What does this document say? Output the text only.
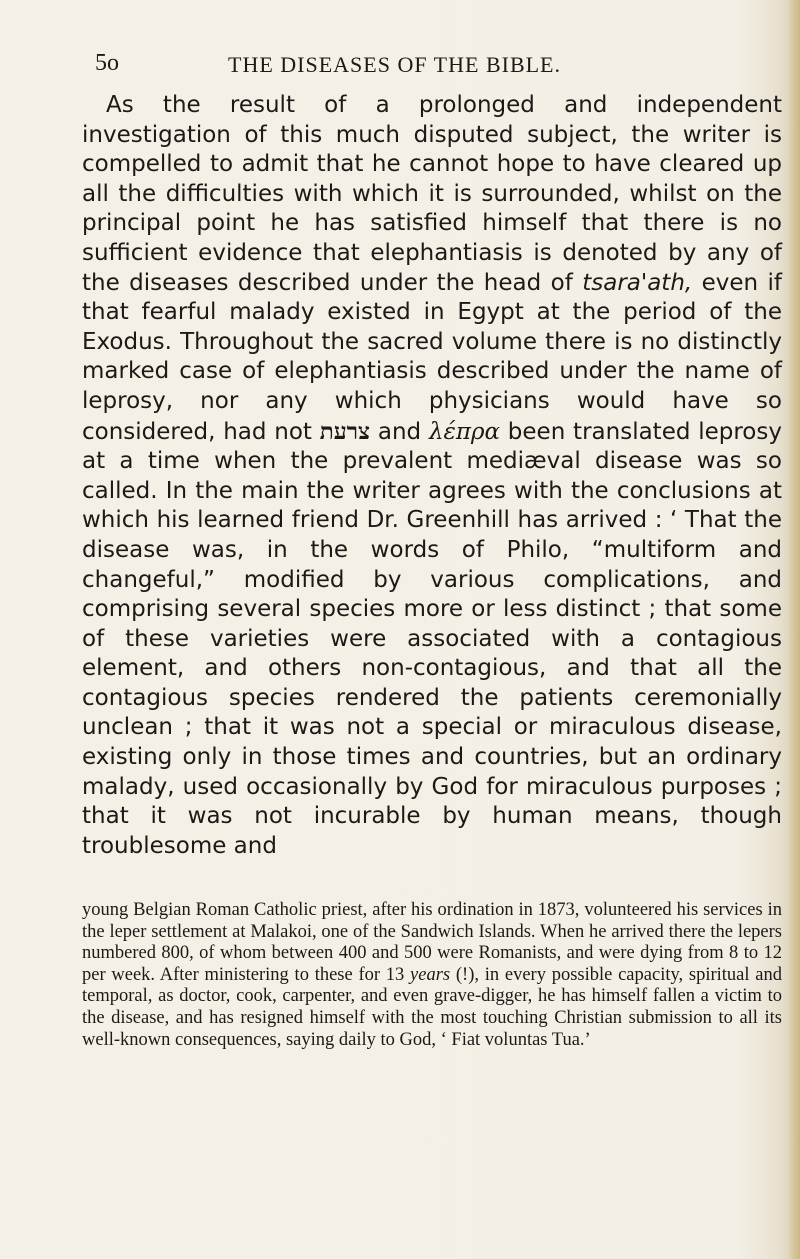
5o	THE DISEASES OF THE BIBLE.

As the result of a prolonged and independent investigation of this much disputed subject, the writer is compelled to admit that he cannot hope to have cleared up all the difficulties with which it is surrounded, whilst on the principal point he has satisfied himself that there is no sufficient evidence that elephantiasis is denoted by any of the diseases described under the head of tsara'ath, even if that fearful malady existed in Egypt at the period of the Exodus. Throughout the sacred volume there is no distinctly marked case of elephantiasis described under the name of leprosy, nor any which physicians would have so considered, had not צרעת and λέπρα been translated leprosy at a time when the prevalent mediæval disease was so called. In the main the writer agrees with the conclusions at which his learned friend Dr. Greenhill has arrived : ‘ That the disease was, in the words of Philo, “multiform and changeful,” modified by various complications, and comprising several species more or less distinct ; that some of these varieties were associated with a contagious element, and others non-contagious, and that all the contagious species rendered the patients ceremonially unclean ; that it was not a special or miraculous disease, existing only in those times and countries, but an ordinary malady, used occasionally by God for miraculous purposes ; that it was not incurable by human means, though troublesome and

young Belgian Roman Catholic priest, after his ordination in 1873, volunteered his services in the leper settlement at Malakoi, one of the Sandwich Islands. When he arrived there the lepers numbered 800, of whom between 400 and 500 were Romanists, and were dying from 8 to 12 per week. After ministering to these for 13 years (!), in every possible capacity, spiritual and temporal, as doctor, cook, carpenter, and even grave-digger, he has himself fallen a victim to the disease, and has resigned himself with the most touching Christian submission to all its well-known consequences, saying daily to God, ‘ Fiat voluntas Tua.’
